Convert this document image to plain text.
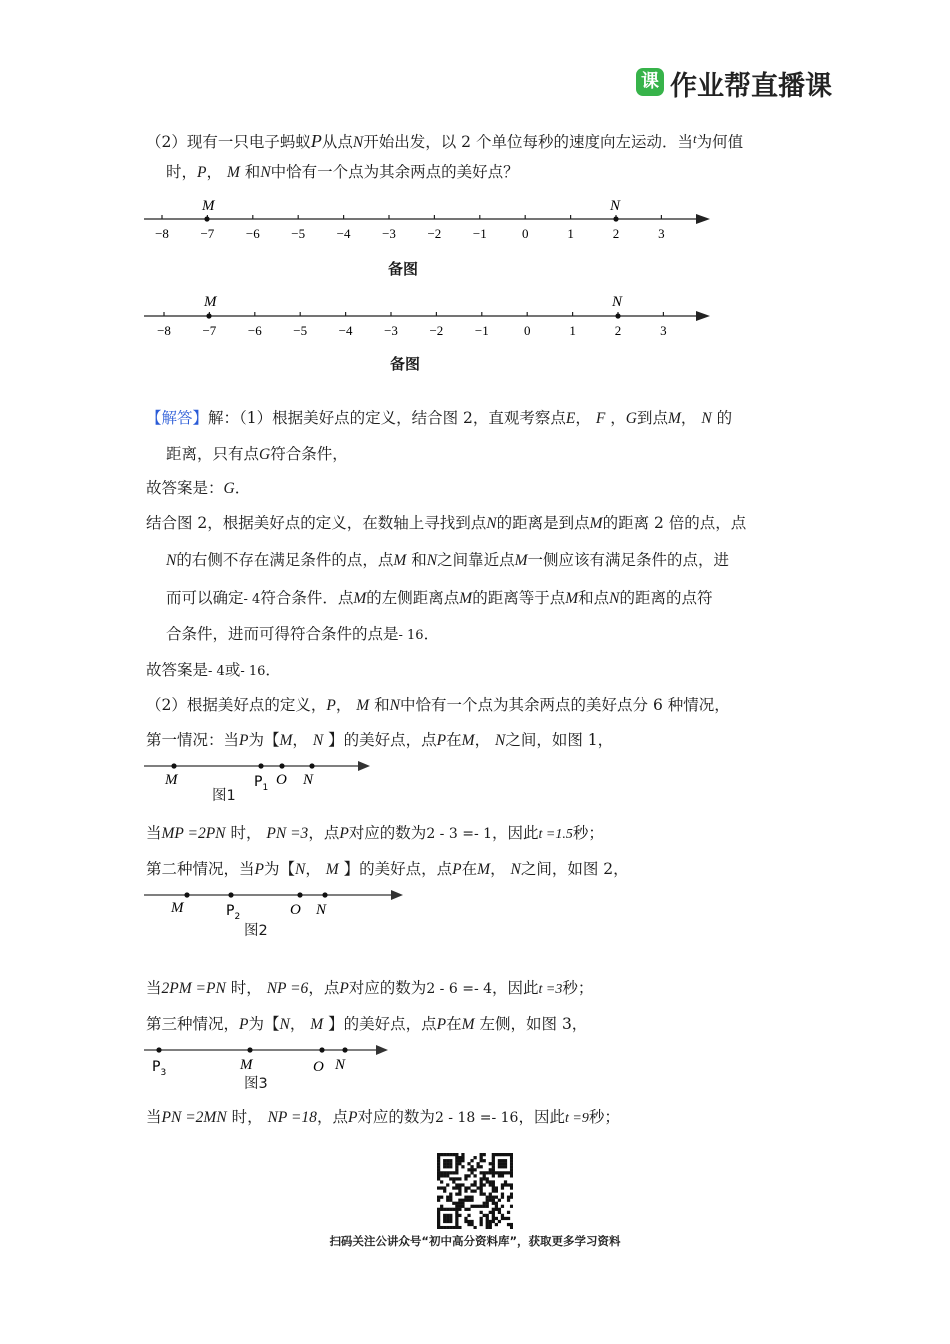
课 作业帮直播课
（2）现有一只电子蚂蚁P从点N开始出发，以 2 个单位每秒的速度向左运动．当$^t$为何值
时，P， M 和N中恰有一个点为其余两点的美好点？
−8 −7 −6 −5 −4 −3 −2 −1	0	1	2	3
M	N
备图
−8 −7 −6 −5 −4 −3 −2 −1	0	1	2	3
M	N
备图
【解答】解：（1）根据美好点的定义，结合图 2，直观考察点E， F ，G到点M， N 的
距离，只有点G符合条件，
故答案是：G．
结合图 2，根据美好点的定义，在数轴上寻找到点N的距离是到点M的距离 2 倍的点，点
N的右侧不存在满足条件的点，点M 和N之间靠近点M一侧应该有满足条件的点，进
而可以确定- 4符合条件．点M的左侧距离点M的距离等于点M和点N的距离的点符
合条件，进而可得符合条件的点是- 16．
故答案是- 4或- 16．
（2）根据美好点的定义，P， M 和N中恰有一个点为其余两点的美好点分 6 种情况，
第一情况：当P为【M， N 】的美好点，点P在M， N之间，如图 1，
M	$P_1$ O N
图1
当MP =2PN 时， PN =3，点P对应的数为2 - 3 =- 1，因此t =1.5秒；
第二种情况，当P为【N， M 】的美好点，点P在M， N之间，如图 2，
M	$P_2$	O N
图2
当2PM =PN 时， NP =6，点P对应的数为2 - 6 =- 4，因此t =3秒；
第三种情况，P为【N， M 】的美好点，点P在M 左侧，如图 3，
$P_3$	M	O N
图3
当PN =2MN 时， NP =18，点P对应的数为2 - 18 =- 16，因此t =9秒；
扫码关注公讲众号“初中高分资料库”，获取更多学习资料
